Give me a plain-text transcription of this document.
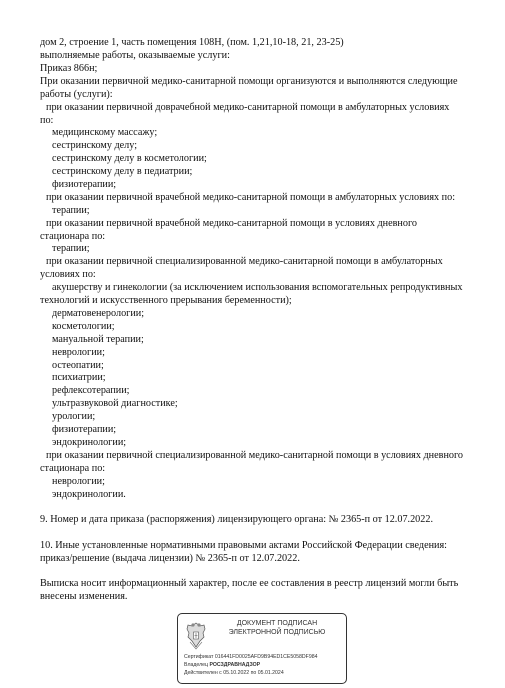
дом 2, строение 1, часть помещения 108Н, (пом. 1,21,10-18, 21, 23-25)
выполняемые работы, оказываемые услуги:
Приказ 866н;
При оказании первичной медико-санитарной помощи организуются и выполняются следующие
работы (услуги):
при оказании первичной доврачебной медико-санитарной помощи в амбулаторных условиях
по:
медицинскому массажу;
сестринскому делу;
сестринскому делу в косметологии;
сестринскому делу в педиатрии;
физиотерапии;
при оказании первичной врачебной медико-санитарной помощи в амбулаторных условиях по:
терапии;
при оказании первичной врачебной медико-санитарной помощи в условиях дневного
стационара по:
терапии;
при оказании первичной специализированной медико-санитарной помощи в амбулаторных
условиях по:
акушерству и гинекологии (за исключением использования вспомогательных репродуктивных
технологий и искусственного прерывания беременности);
дерматовенерологии;
косметологии;
мануальной терапии;
неврологии;
остеопатии;
психиатрии;
рефлексотерапии;
ультразвуковой диагностике;
урологии;
физиотерапии;
эндокринологии;
при оказании первичной специализированной медико-санитарной помощи в условиях дневного
стационара по:
неврологии;
эндокринологии.
9. Номер и дата приказа (распоряжения) лицензирующего органа: № 2365-п от 12.07.2022.
10. Иные установленные нормативными правовыми актами Российской Федерации сведения:
приказ/решение (выдача лицензии) № 2365-п от 12.07.2022.
Выписка носит информационный характер, после ее составления в реестр лицензий могли быть
внесены изменения.
ДОКУМЕНТ ПОДПИСАН
ЭЛЕКТРОННОЙ ПОДПИСЬЮ
Сертификат 016441FD0025AFD9B94ED1CE5058DF984
Владелец РОСЗДРАВНАДЗОР
Действителен с 05.10.2022 по 05.01.2024
